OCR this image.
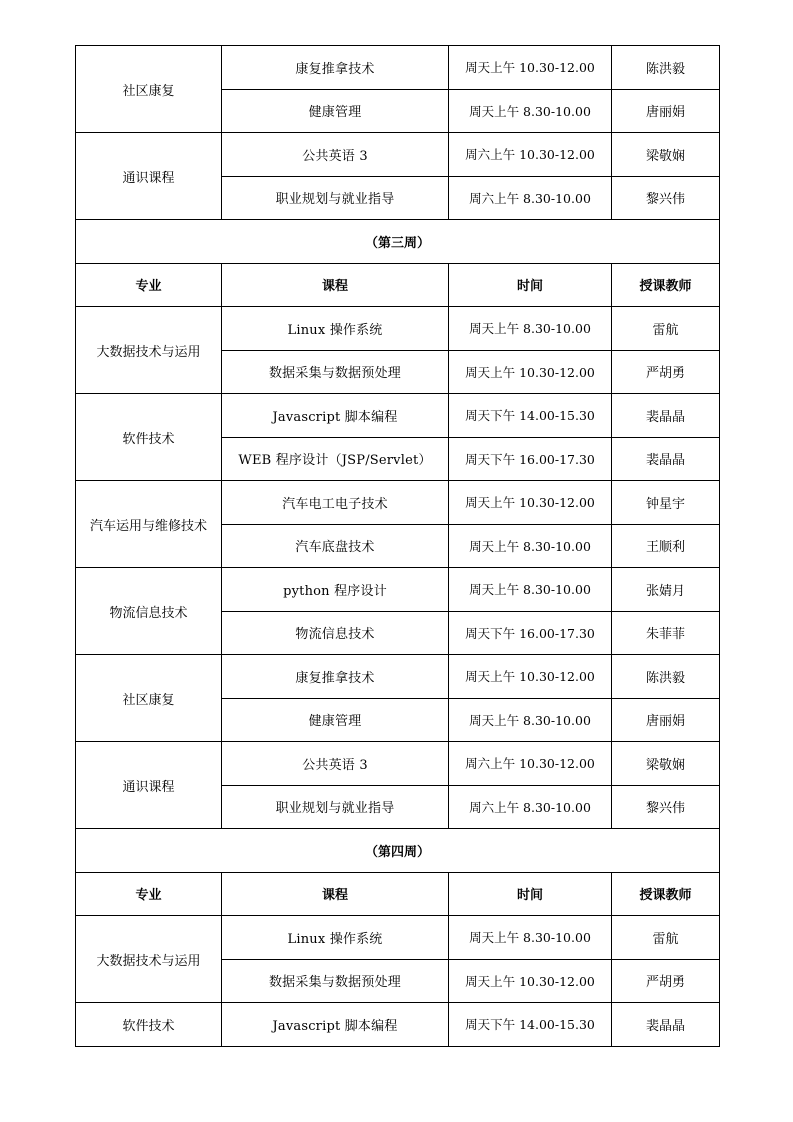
社区康复	康复推拿技术	周天上午 10.30-12.00	陈洪毅
	健康管理	周天上午 8.30-10.00	唐丽娟
通识课程	公共英语 3	周六上午 10.30-12.00	梁敬娴
	职业规划与就业指导	周六上午 8.30-10.00	黎兴伟
（第三周）			
专业	课程	时间	授课教师
大数据技术与运用	Linux 操作系统	周天上午 8.30-10.00	雷航
	数据采集与数据预处理	周天上午 10.30-12.00	严胡勇
软件技术	Javascript 脚本编程	周天下午 14.00-15.30	裴晶晶
	WEB 程序设计（JSP/Servlet）	周天下午 16.00-17.30	裴晶晶
汽车运用与维修技术	汽车电工电子技术	周天上午 10.30-12.00	钟星宇
	汽车底盘技术	周天上午 8.30-10.00	王顺利
物流信息技术	python 程序设计	周天上午 8.30-10.00	张婧月
	物流信息技术	周天下午 16.00-17.30	朱菲菲
社区康复	康复推拿技术	周天上午 10.30-12.00	陈洪毅
	健康管理	周天上午 8.30-10.00	唐丽娟
通识课程	公共英语 3	周六上午 10.30-12.00	梁敬娴
	职业规划与就业指导	周六上午 8.30-10.00	黎兴伟
（第四周）			
专业	课程	时间	授课教师
大数据技术与运用	Linux 操作系统	周天上午 8.30-10.00	雷航
	数据采集与数据预处理	周天上午 10.30-12.00	严胡勇
软件技术	Javascript 脚本编程	周天下午 14.00-15.30	裴晶晶
